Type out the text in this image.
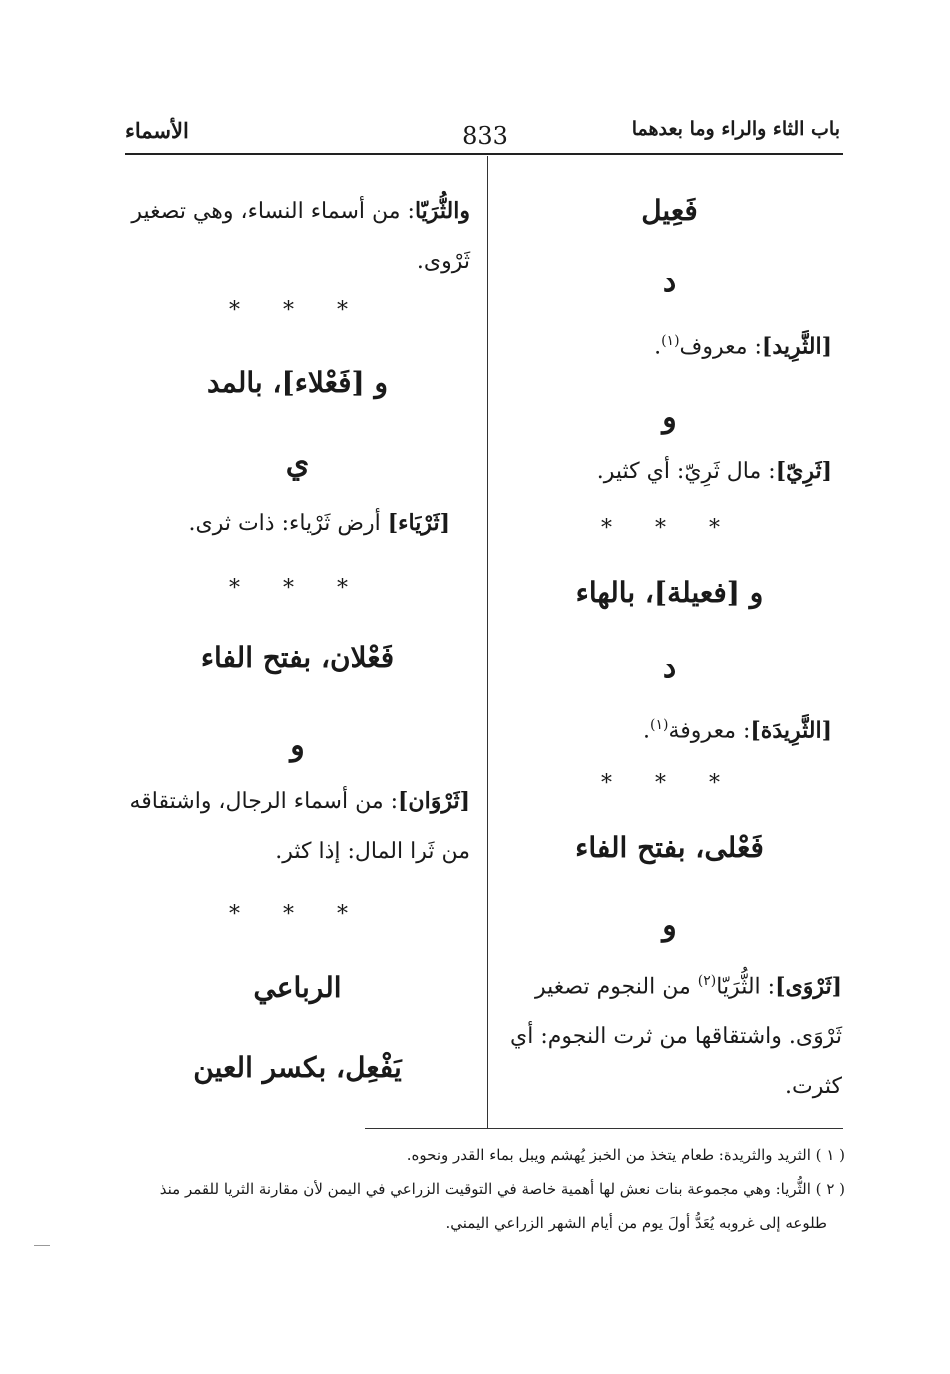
باب الثاء والراء وما بعدهما
833
الأسماء
فَعِيل
د
[الثَّرِيد]: معروف$^{(١)}$.
و
[ثَرِيّ]: مال ثَرِيّ: أي كثير.
* * *
و [فعيلة]، بالهاء
د
[الثَّرِيدَة]: معروفة$^{(١)}$.
* * *
فَعْلى، بفتح الفاء
و
[ثَرْوَى]: الثُّرَيّا$^{(٢)}$ من النجوم تصغير ثَرْوَى. واشتقاقها من ثرت النجوم: أي كثرت.
والثُّرَيّا: من أسماء النساء، وهي تصغير ثَرْوى.
* * *
و [فَعْلاء]، بالمد
ي
[ثَرْيَاء] أرض ثَرْياء: ذات ثرى.
* * *
فَعْلان، بفتح الفاء
و
[ثَرْوَان]: من أسماء الرجال، واشتقاقه من ثَرا المال: إذا كثر.
* * *
الرباعي
يَفْعِل، بكسر العين

( ١ ) الثريد والثريدة: طعام يتخذ من الخبز يُهشم ويبل بماء القدر ونحوه.

( ٢ ) الثُّريا: وهي مجموعة بنات نعش لها أهمية خاصة في التوقيت الزراعي في اليمن لأن مقارنة الثريا للقمر منذ

طلوعه إلى غروبه يُعَدُّ أولَ يوم من أيام الشهر الزراعي اليمني.
